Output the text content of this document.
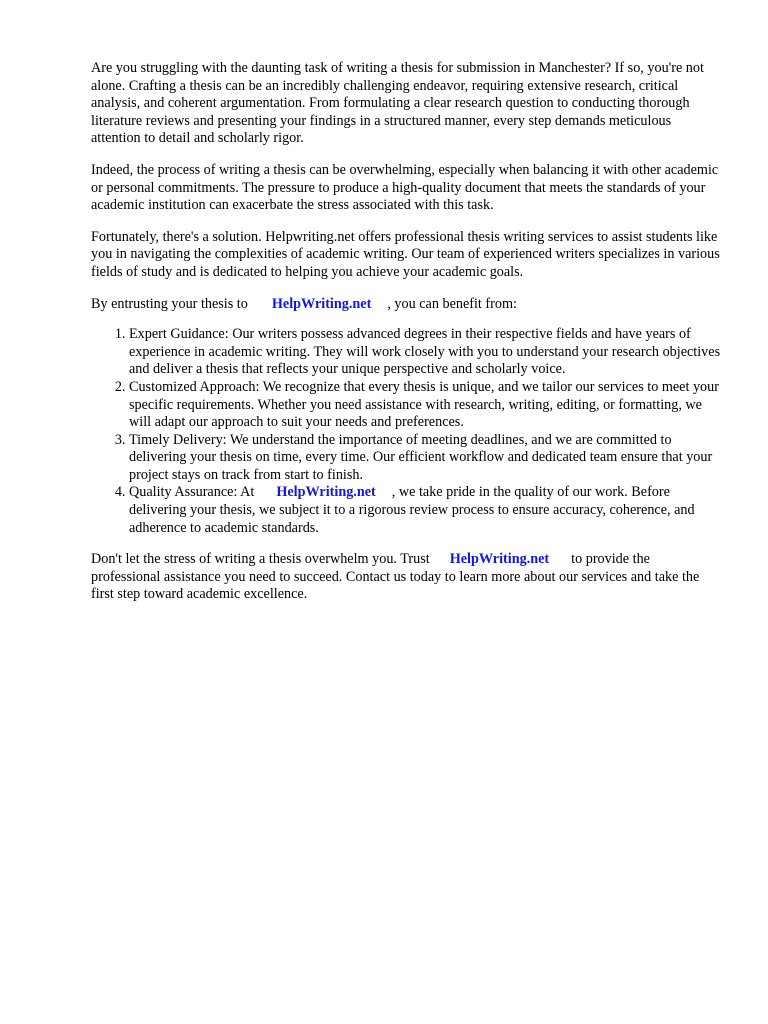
Are you struggling with the daunting task of writing a thesis for submission in Manchester? If so, you're not alone. Crafting a thesis can be an incredibly challenging endeavor, requiring extensive research, critical analysis, and coherent argumentation. From formulating a clear research question to conducting thorough literature reviews and presenting your findings in a structured manner, every step demands meticulous attention to detail and scholarly rigor.

Indeed, the process of writing a thesis can be overwhelming, especially when balancing it with other academic or personal commitments. The pressure to produce a high-quality document that meets the standards of your academic institution can exacerbate the stress associated with this task.

Fortunately, there's a solution. Helpwriting.net offers professional thesis writing services to assist students like you in navigating the complexities of academic writing. Our team of experienced writers specializes in various fields of study and is dedicated to helping you achieve your academic goals.

By entrusting your thesis to HelpWriting.net , you can benefit from:

1. Expert Guidance: Our writers possess advanced degrees in their respective fields and have years of experience in academic writing. They will work closely with you to understand your research objectives and deliver a thesis that reflects your unique perspective and scholarly voice.
2. Customized Approach: We recognize that every thesis is unique, and we tailor our services to meet your specific requirements. Whether you need assistance with research, writing, editing, or formatting, we will adapt our approach to suit your needs and preferences.
3. Timely Delivery: We understand the importance of meeting deadlines, and we are committed to delivering your thesis on time, every time. Our efficient workflow and dedicated team ensure that your project stays on track from start to finish.
4. Quality Assurance: At HelpWriting.net , we take pride in the quality of our work. Before delivering your thesis, we subject it to a rigorous review process to ensure accuracy, coherence, and adherence to academic standards.

Don't let the stress of writing a thesis overwhelm you. Trust HelpWriting.net to provide the professional assistance you need to succeed. Contact us today to learn more about our services and take the first step toward academic excellence.
